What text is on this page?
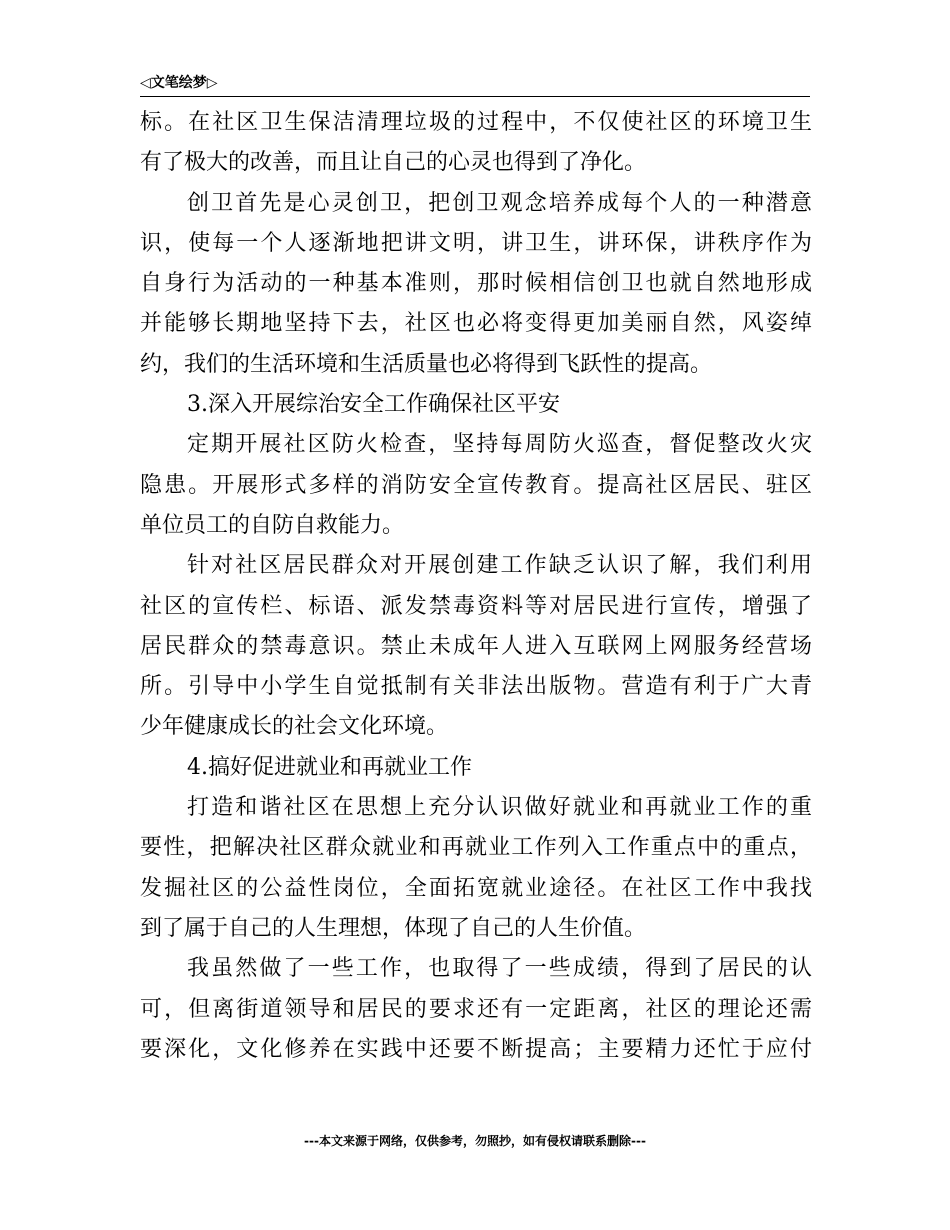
◁文笔绘梦▷
标。在社区卫生保洁清理垃圾的过程中，不仅使社区的环境卫生
有了极大的改善，而且让自己的心灵也得到了净化。
创卫首先是心灵创卫，把创卫观念培养成每个人的一种潜意
识，使每一个人逐渐地把讲文明，讲卫生，讲环保，讲秩序作为
自身行为活动的一种基本准则，那时候相信创卫也就自然地形成
并能够长期地坚持下去，社区也必将变得更加美丽自然，风姿绰
约，我们的生活环境和生活质量也必将得到飞跃性的提高。
3.深入开展综治安全工作确保社区平安
定期开展社区防火检查，坚持每周防火巡查，督促整改火灾
隐患。开展形式多样的消防安全宣传教育。提高社区居民、驻区
单位员工的自防自救能力。
针对社区居民群众对开展创建工作缺乏认识了解，我们利用
社区的宣传栏、标语、派发禁毒资料等对居民进行宣传，增强了
居民群众的禁毒意识。禁止未成年人进入互联网上网服务经营场
所。引导中小学生自觉抵制有关非法出版物。营造有利于广大青
少年健康成长的社会文化环境。
4.搞好促进就业和再就业工作
打造和谐社区在思想上充分认识做好就业和再就业工作的重
要性，把解决社区群众就业和再就业工作列入工作重点中的重点，
发掘社区的公益性岗位，全面拓宽就业途径。在社区工作中我找
到了属于自己的人生理想，体现了自己的人生价值。
我虽然做了一些工作，也取得了一些成绩，得到了居民的认
可，但离街道领导和居民的要求还有一定距离，社区的理论还需
要深化，文化修养在实践中还要不断提高；主要精力还忙于应付
---本文来源于网络，仅供参考，勿照抄，如有侵权请联系删除---
